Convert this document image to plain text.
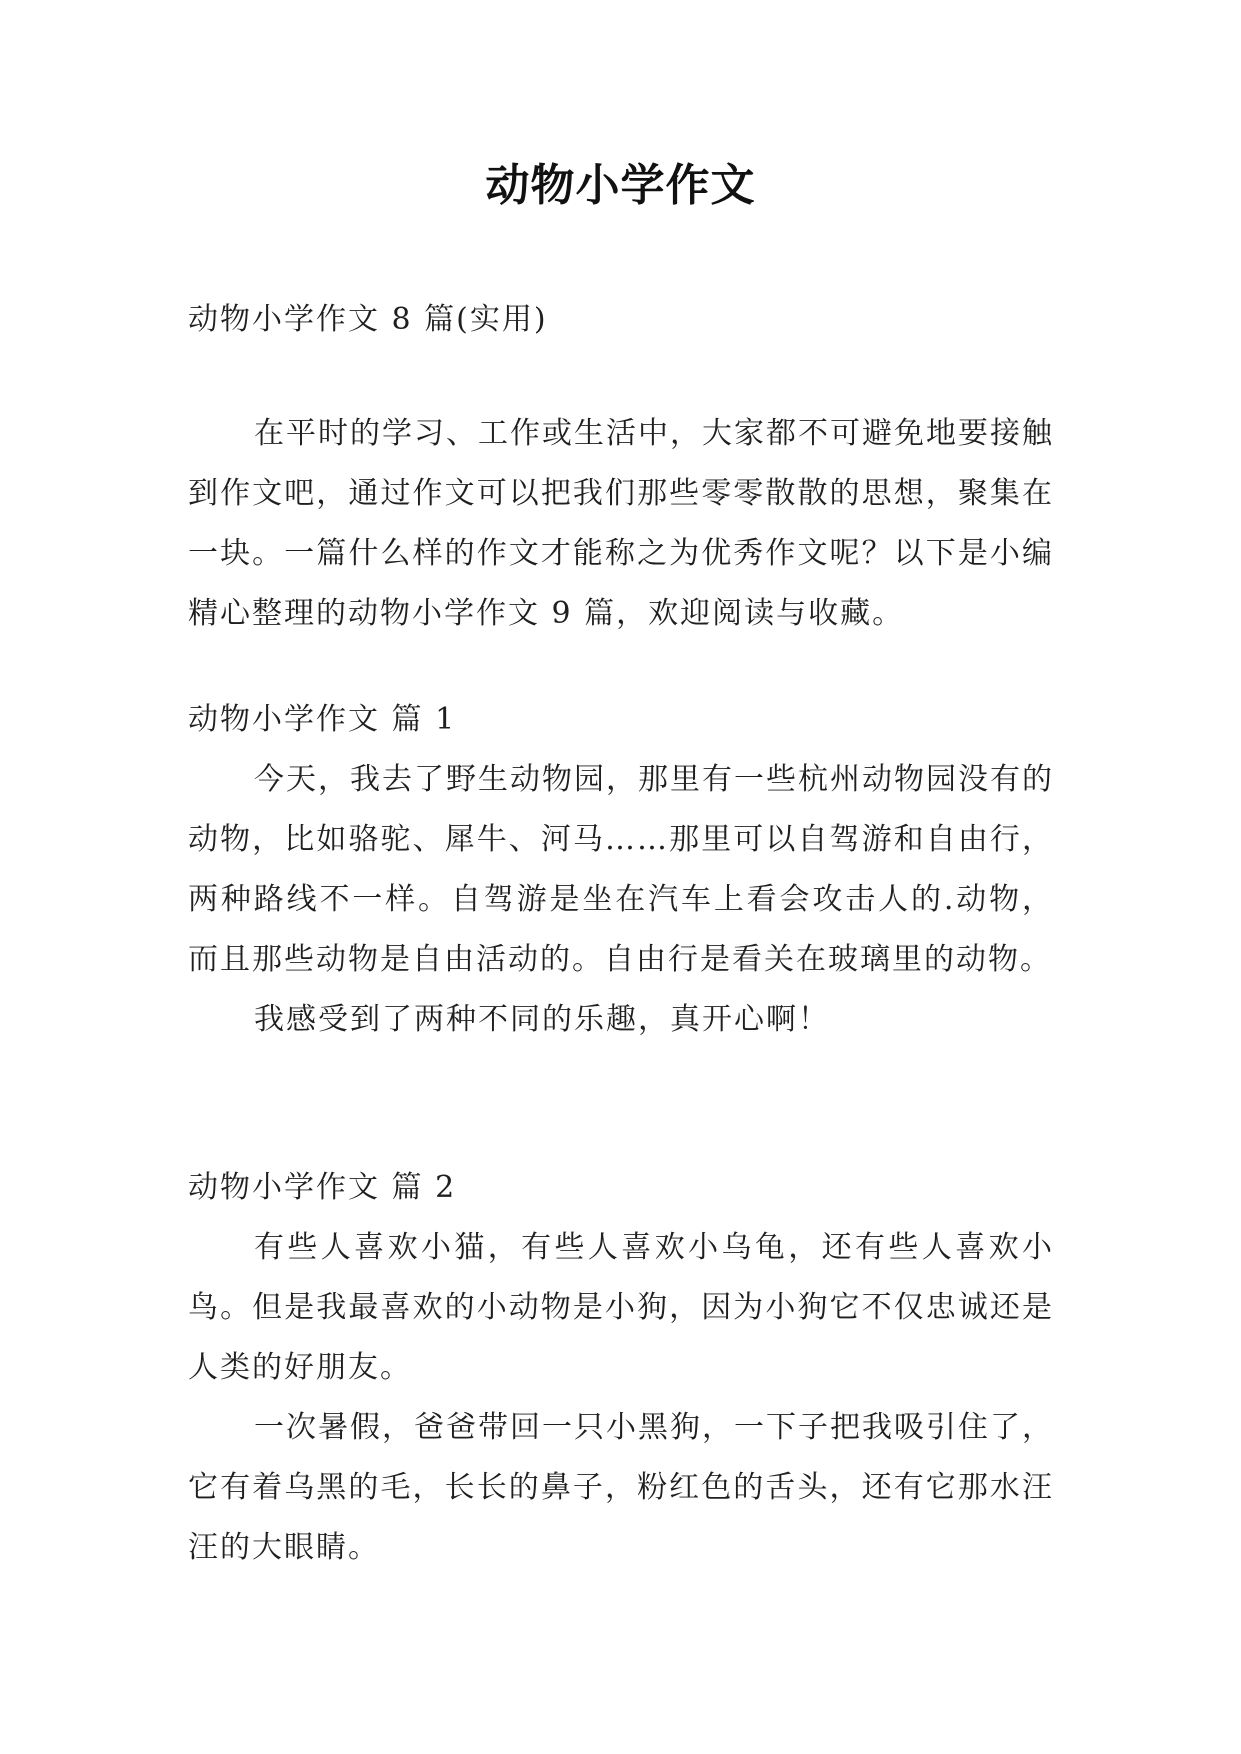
动物小学作文
动物小学作文 8 篇(实用)

在平时的学习、工作或生活中，大家都不可避免地要接触到作文吧，通过作文可以把我们那些零零散散的思想，聚集在一块。一篇什么样的作文才能称之为优秀作文呢？以下是小编精心整理的动物小学作文 9 篇，欢迎阅读与收藏。

动物小学作文 篇 1

今天，我去了野生动物园，那里有一些杭州动物园没有的动物，比如骆驼、犀牛、河马……那里可以自驾游和自由行，两种路线不一样。自驾游是坐在汽车上看会攻击人的.动物，而且那些动物是自由活动的。自由行是看关在玻璃里的动物。

我感受到了两种不同的乐趣，真开心啊！

动物小学作文 篇 2

有些人喜欢小猫，有些人喜欢小乌龟，还有些人喜欢小鸟。但是我最喜欢的小动物是小狗，因为小狗它不仅忠诚还是人类的好朋友。

一次暑假，爸爸带回一只小黑狗，一下子把我吸引住了，它有着乌黑的毛，长长的鼻子，粉红色的舌头，还有它那水汪汪的大眼睛。
